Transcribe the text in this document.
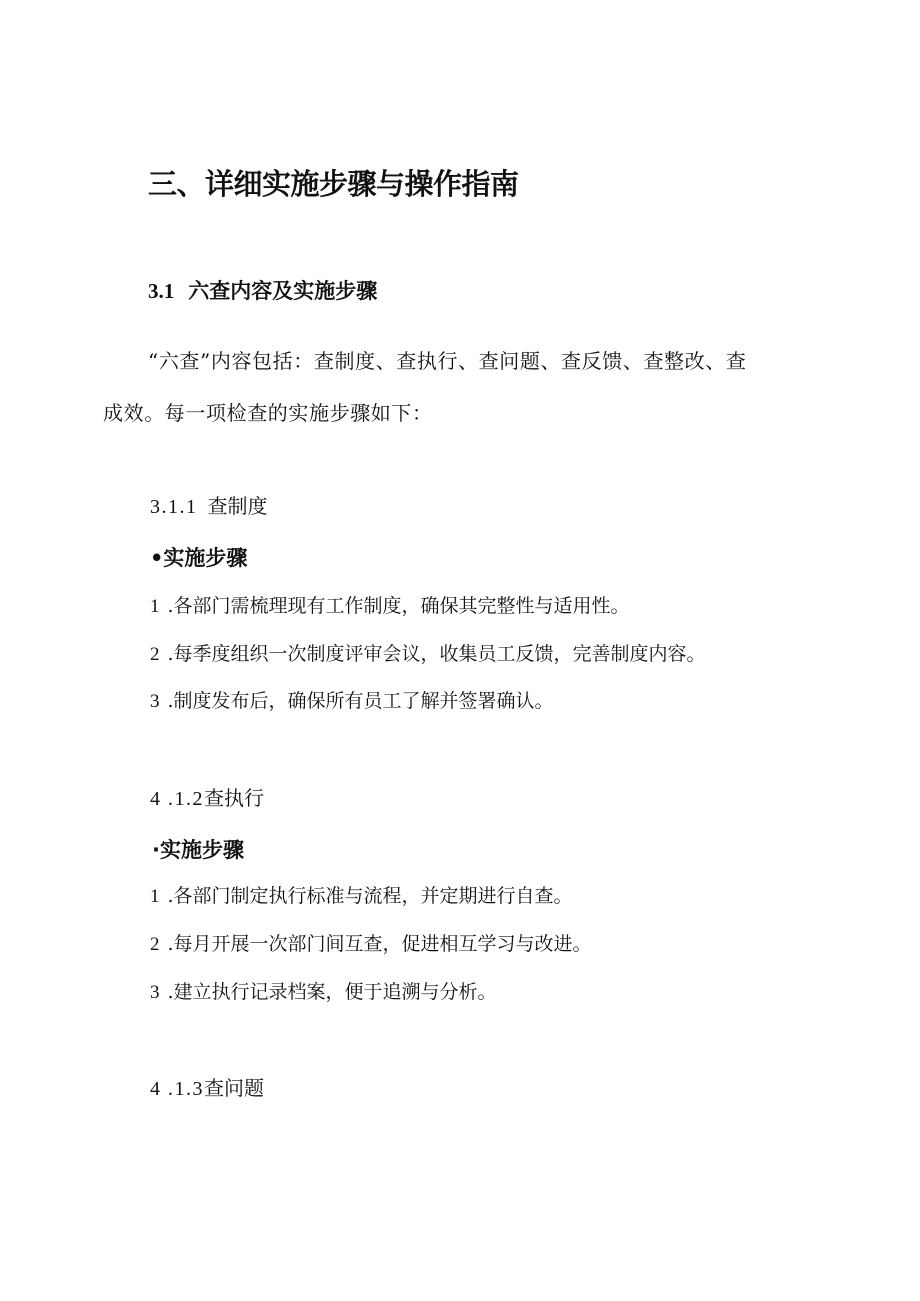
三、详细实施步骤与操作指南
3.1 六查内容及实施步骤
“六查”内容包括：查制度、查执行、查问题、查反馈、查整改、查
成效。每一项检查的实施步骤如下：
3.1.1 查制度
•实施步骤
1 .各部门需梳理现有工作制度，确保其完整性与适用性。
2 .每季度组织一次制度评审会议，收集员工反馈，完善制度内容。
3 .制度发布后，确保所有员工了解并签署确认。
4 .1.2查执行
·实施步骤
1 .各部门制定执行标准与流程，并定期进行自查。
2 .每月开展一次部门间互查，促进相互学习与改进。
3 .建立执行记录档案，便于追溯与分析。
4 .1.3查问题
